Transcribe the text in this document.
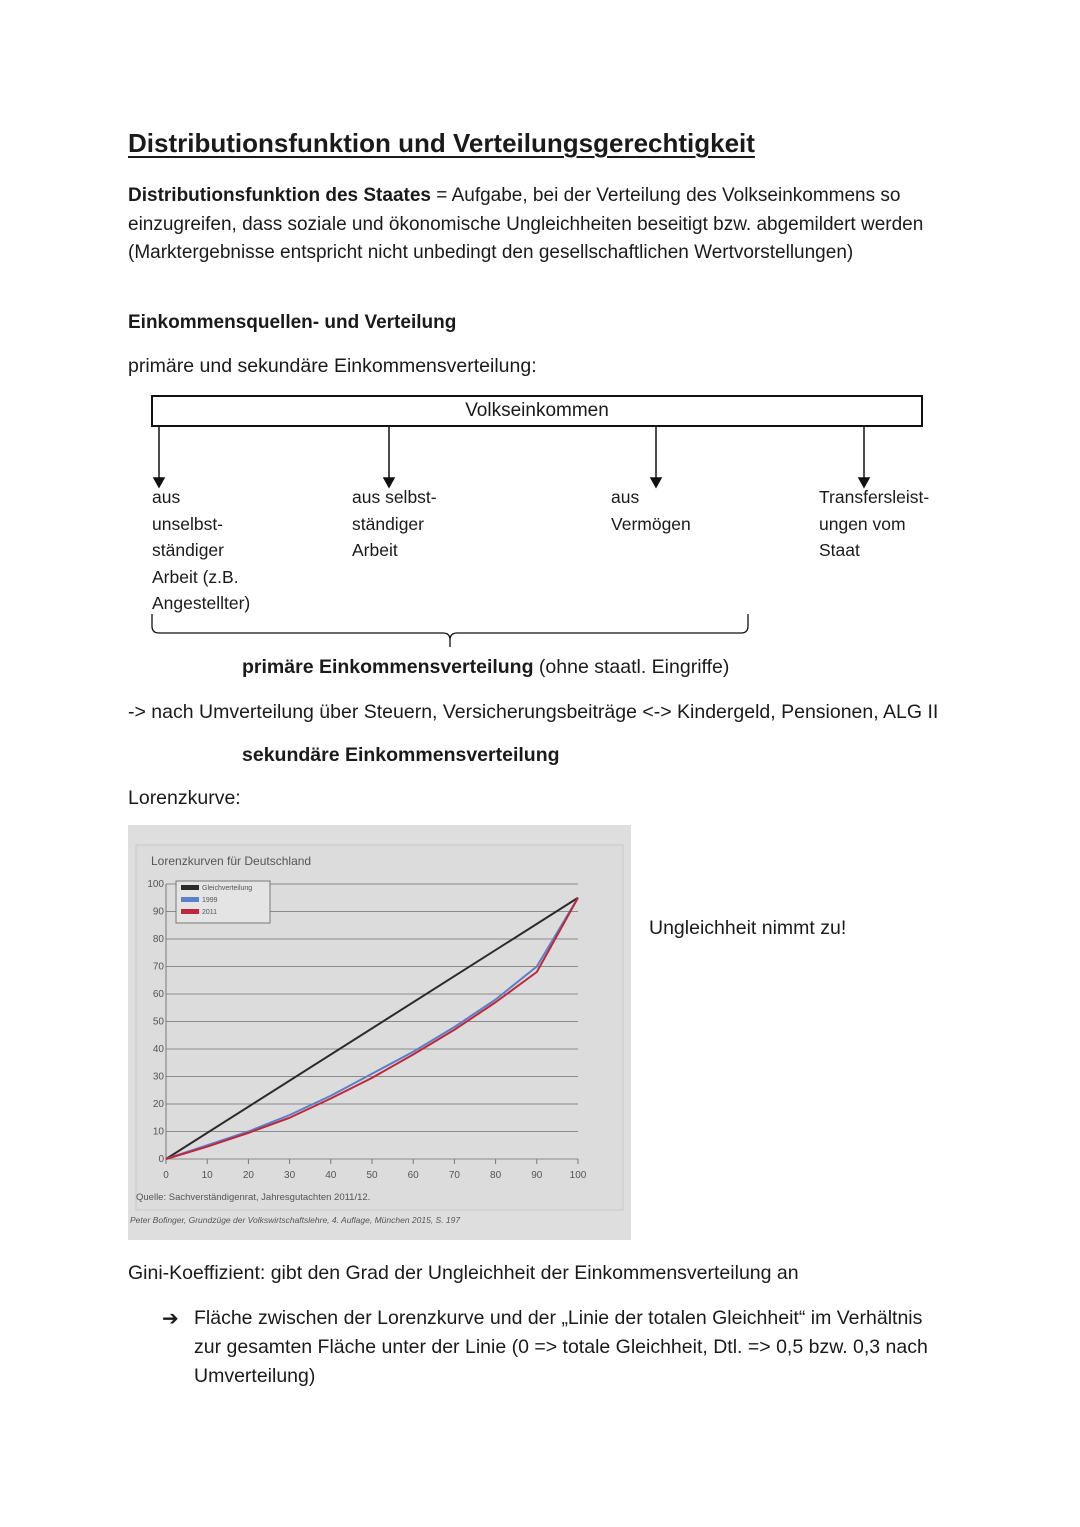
Distributionsfunktion und Verteilungsgerechtigkeit
Distributionsfunktion des Staates = Aufgabe, bei der Verteilung des Volkseinkommens so einzugreifen, dass soziale und ökonomische Ungleichheiten beseitigt bzw. abgemildert werden (Marktergebnisse entspricht nicht unbedingt den gesellschaftlichen Wertvorstellungen)
Einkommensquellen- und Verteilung
primäre und sekundäre Einkommensverteilung:
Volkseinkommen
aus
unselbst-
ständiger
Arbeit (z.B.
Angestellter)
aus selbst-
ständiger
Arbeit
aus
Vermögen
Transfersleist-
ungen vom
Staat
primäre Einkommensverteilung (ohne staatl. Eingriffe)
-> nach Umverteilung über Steuern, Versicherungsbeiträge <-> Kindergeld, Pensionen, ALG II
sekundäre Einkommensverteilung
Lorenzkurve:
Lorenzkurven für Deutschland
0
10
20
30
40
50
60
70
80
90
100
0	10	20	30	40	50	60	70	80	90	100
Gleichverteilung
1999
2011
Quelle: Sachverständigenrat, Jahresgutachten 2011/12.
Peter Bofinger, Grundzüge der Volkswirtschaftslehre, 4. Auflage, München 2015, S. 197
Ungleichheit nimmt zu!
Gini-Koeffizient: gibt den Grad der Ungleichheit der Einkommensverteilung an
➔ Fläche zwischen der Lorenzkurve und der „Linie der totalen Gleichheit“ im Verhältnis zur gesamten Fläche unter der Linie (0 => totale Gleichheit, Dtl. => 0,5 bzw. 0,3 nach Umverteilung)
